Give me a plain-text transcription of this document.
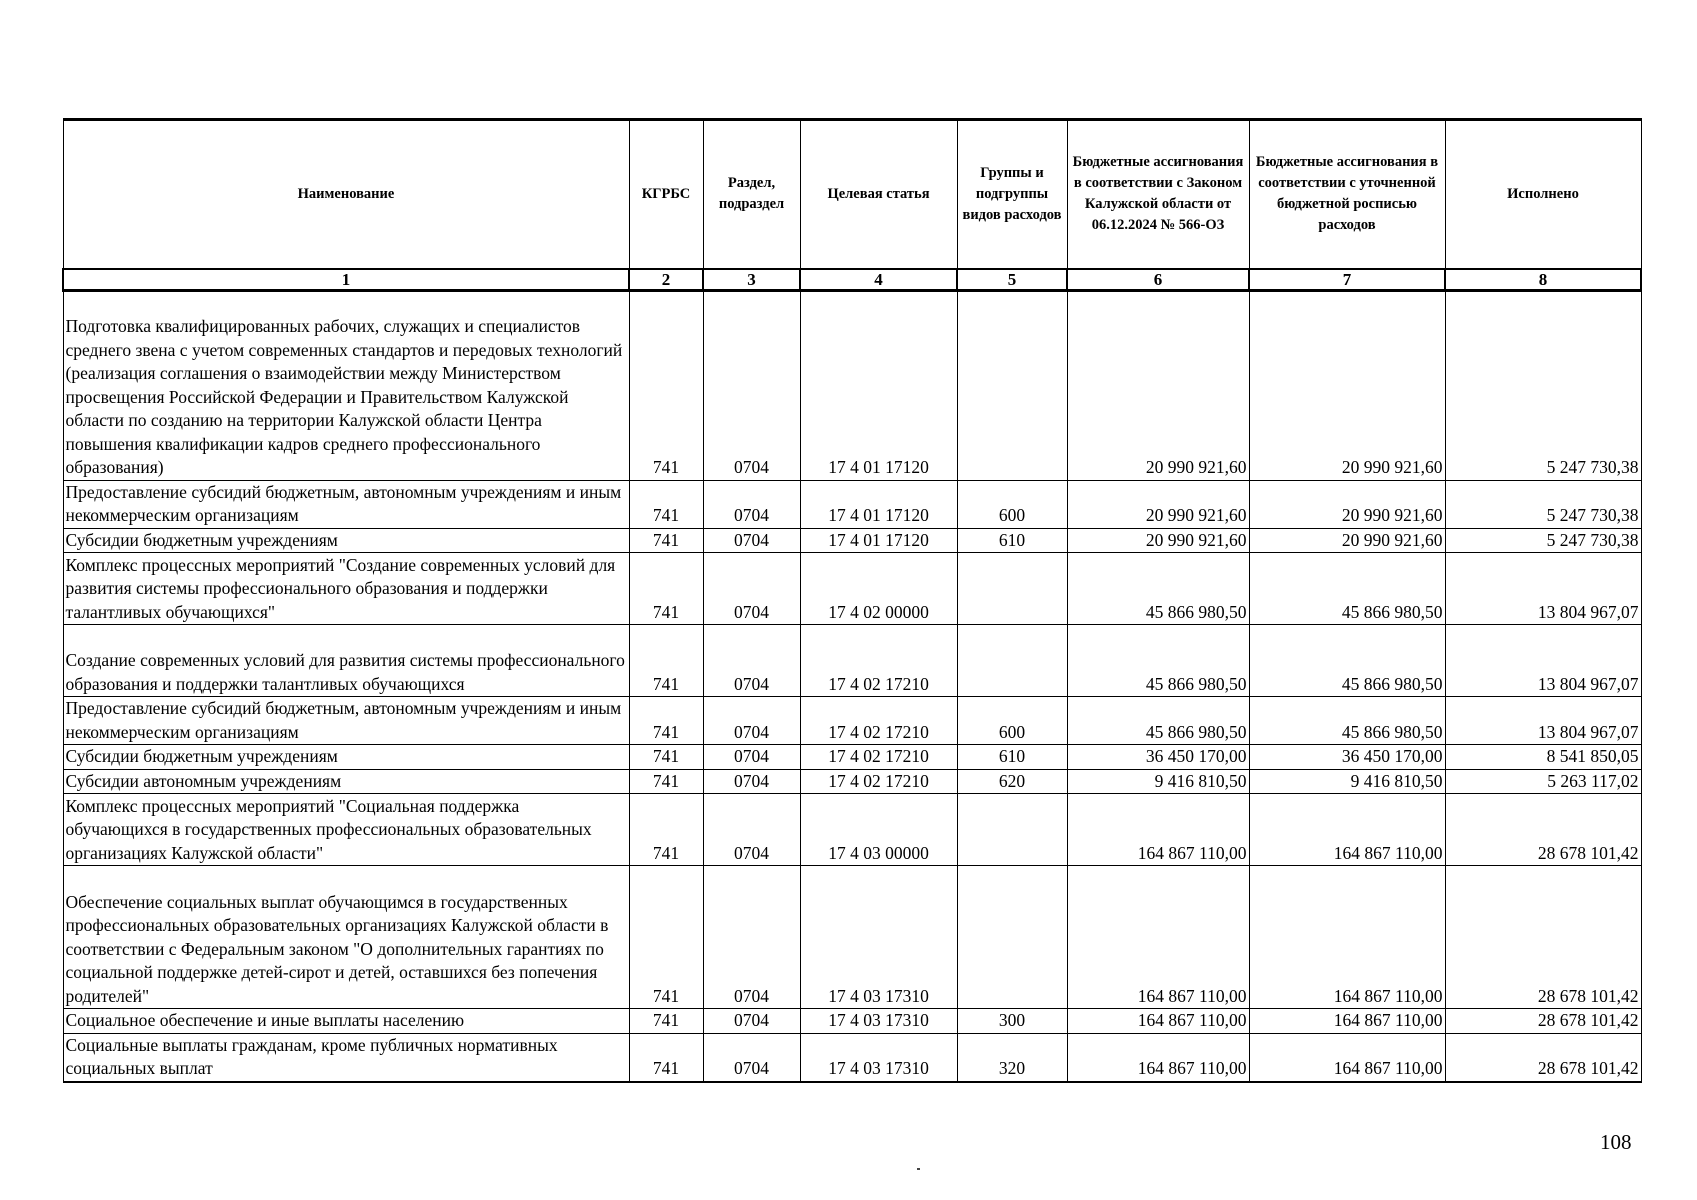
Наименование	КГРБС	Раздел, подраздел	Целевая статья	Группы и подгруппы видов расходов	Бюджетные ассигнования в соответствии с Законом Калужской области от 06.12.2024 № 566-ОЗ	Бюджетные ассигнования в соответствии с уточненной бюджетной росписью расходов	Исполнено
1	2	3	4	5	6	7	8
Подготовка квалифицированных рабочих, служащих и специалистов среднего звена с учетом современных стандартов и передовых технологий (реализация соглашения о взаимодействии между Министерством просвещения Российской Федерации и Правительством Калужской области по созданию на территории Калужской области Центра повышения квалификации кадров среднего профессионального образования)	741	0704	17 4 01 17120		20 990 921,60	20 990 921,60	5 247 730,38
Предоставление субсидий бюджетным, автономным учреждениям и иным некоммерческим организациям	741	0704	17 4 01 17120	600	20 990 921,60	20 990 921,60	5 247 730,38
Субсидии бюджетным учреждениям	741	0704	17 4 01 17120	610	20 990 921,60	20 990 921,60	5 247 730,38
Комплекс процессных мероприятий "Создание современных условий для развития системы профессионального образования и поддержки талантливых обучающихся"	741	0704	17 4 02 00000		45 866 980,50	45 866 980,50	13 804 967,07
Создание современных условий для развития системы профессионального образования и поддержки талантливых обучающихся	741	0704	17 4 02 17210		45 866 980,50	45 866 980,50	13 804 967,07
Предоставление субсидий бюджетным, автономным учреждениям и иным некоммерческим организациям	741	0704	17 4 02 17210	600	45 866 980,50	45 866 980,50	13 804 967,07
Субсидии бюджетным учреждениям	741	0704	17 4 02 17210	610	36 450 170,00	36 450 170,00	8 541 850,05
Субсидии автономным учреждениям	741	0704	17 4 02 17210	620	9 416 810,50	9 416 810,50	5 263 117,02
Комплекс процессных мероприятий "Социальная поддержка обучающихся в государственных профессиональных образовательных организациях Калужской области"	741	0704	17 4 03 00000		164 867 110,00	164 867 110,00	28 678 101,42
Обеспечение социальных выплат обучающимся в государственных профессиональных образовательных организациях Калужской области в соответствии с Федеральным законом "О дополнительных гарантиях по социальной поддержке детей-сирот и детей, оставшихся без попечения родителей"	741	0704	17 4 03 17310		164 867 110,00	164 867 110,00	28 678 101,42
Социальное обеспечение и иные выплаты населению	741	0704	17 4 03 17310	300	164 867 110,00	164 867 110,00	28 678 101,42
Социальные выплаты гражданам, кроме публичных нормативных социальных выплат	741	0704	17 4 03 17310	320	164 867 110,00	164 867 110,00	28 678 101,42
108
